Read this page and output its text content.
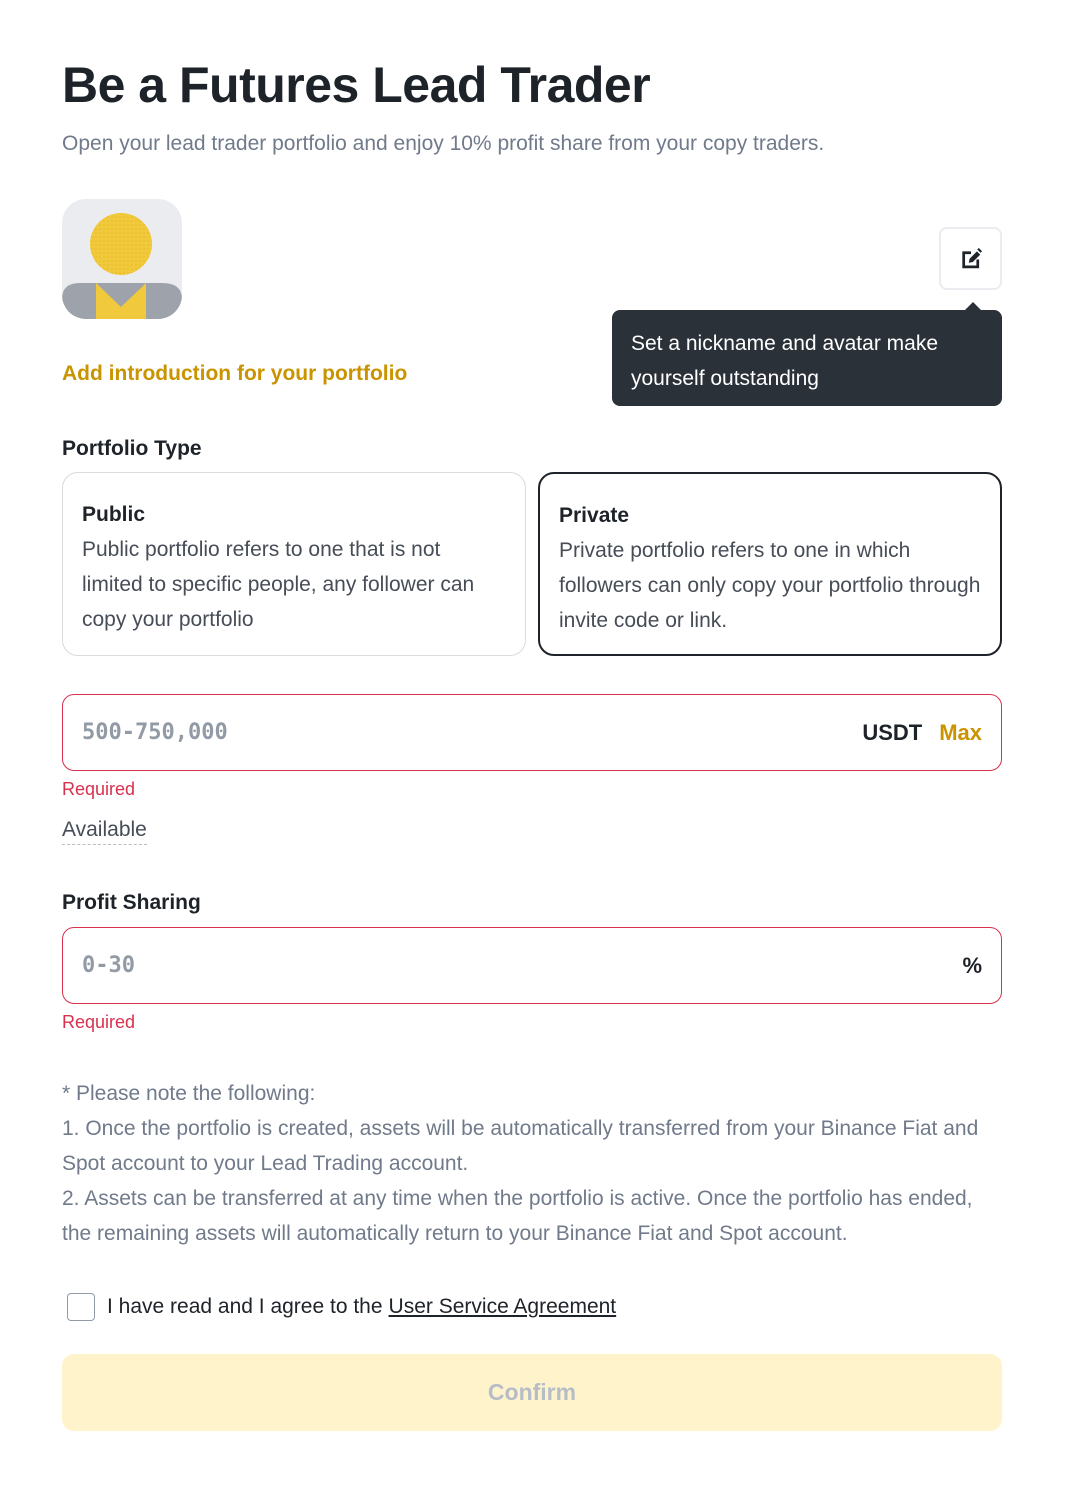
Be a Futures Lead Trader

Open your lead trader portfolio and enjoy 10% profit share from your copy traders.

Set a nickname and avatar make yourself outstanding
Add introduction for your portfolio
Portfolio Type
Public
Public portfolio refers to one that is not limited to specific people, any follower can copy your portfolio
Private
Private portfolio refers to one in which followers can only copy your portfolio through invite code or link.
500-750,000
USDT Max
Required
Available
Profit Sharing
0-30
%
Required
* Please note the following:
1. Once the portfolio is created, assets will be automatically transferred from your Binance Fiat and Spot account to your Lead Trading account.
2. Assets can be transferred at any time when the portfolio is active. Once the portfolio has ended, the remaining assets will automatically return to your Binance Fiat and Spot account.
I have read and I agree to the User Service Agreement
Confirm
